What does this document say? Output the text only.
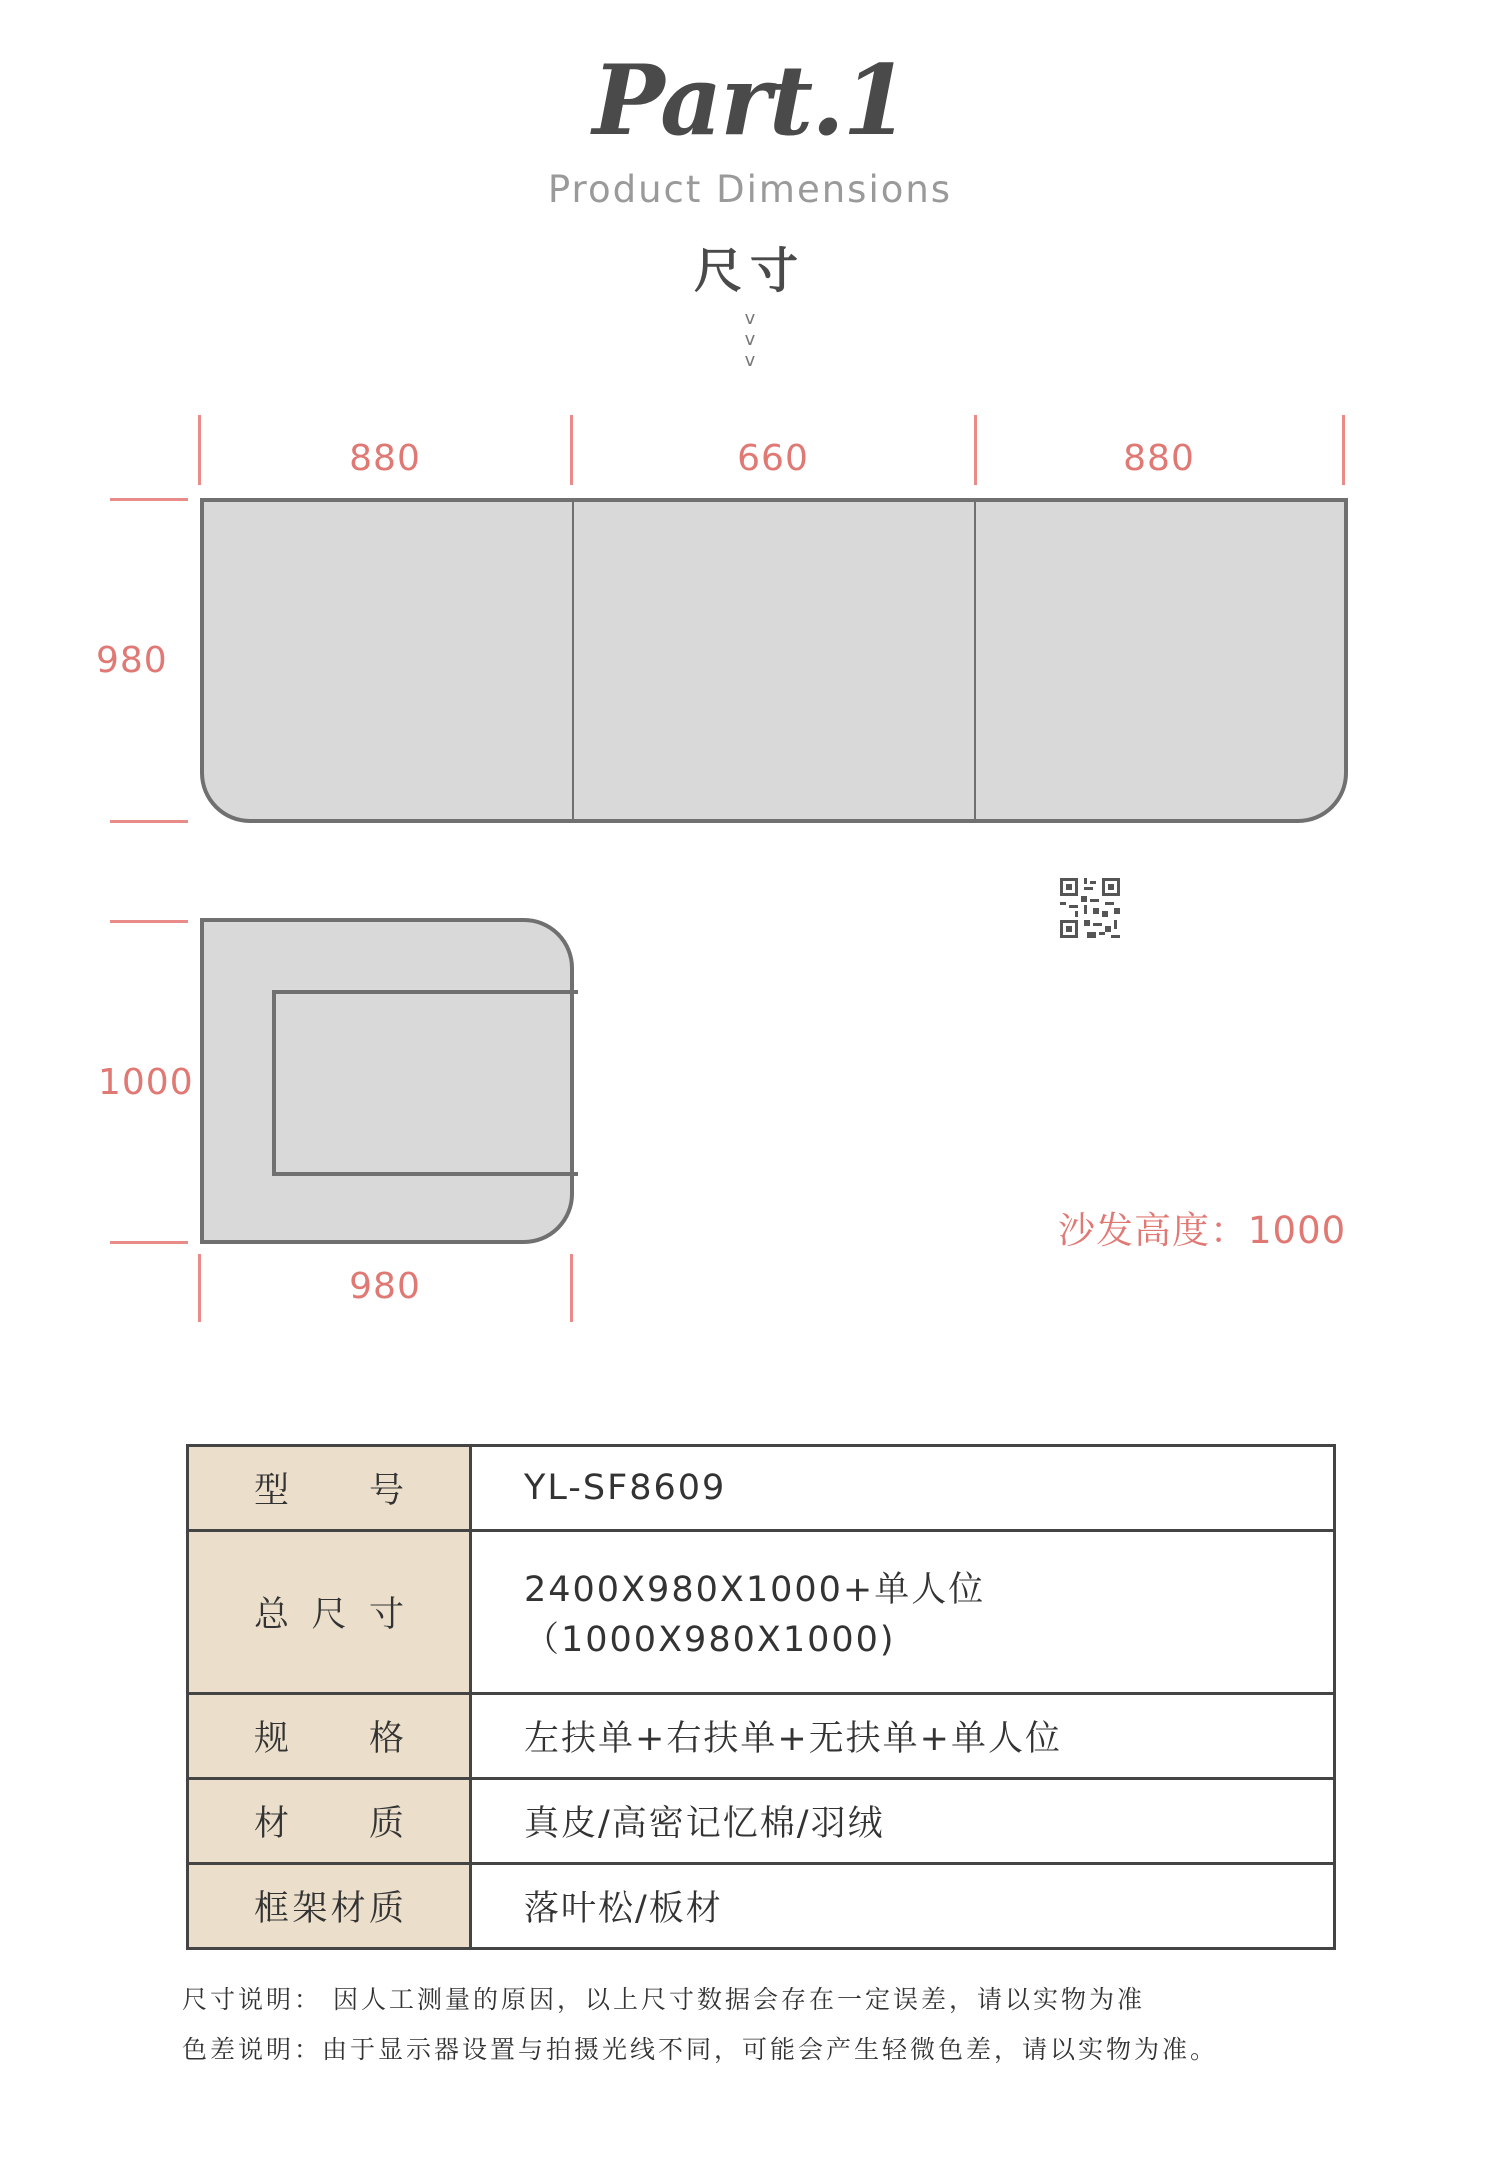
Part.1
Product Dimensions
尺寸
v
v
v
880	660	880
980
1000
980
沙发高度：1000
型 号	YL-SF8609

总 尺 寸	2400X980X1000+单人位（1000X980X1000)

规 格	左扶单+右扶单+无扶单+单人位

材 质	真皮/高密记忆棉/羽绒

框 架 材 质	落叶松/板材
尺寸说明： 因人工测量的原因，以上尺寸数据会存在一定误差，请以实物为准
色差说明：由于显示器设置与拍摄光线不同，可能会产生轻微色差，请以实物为准。
